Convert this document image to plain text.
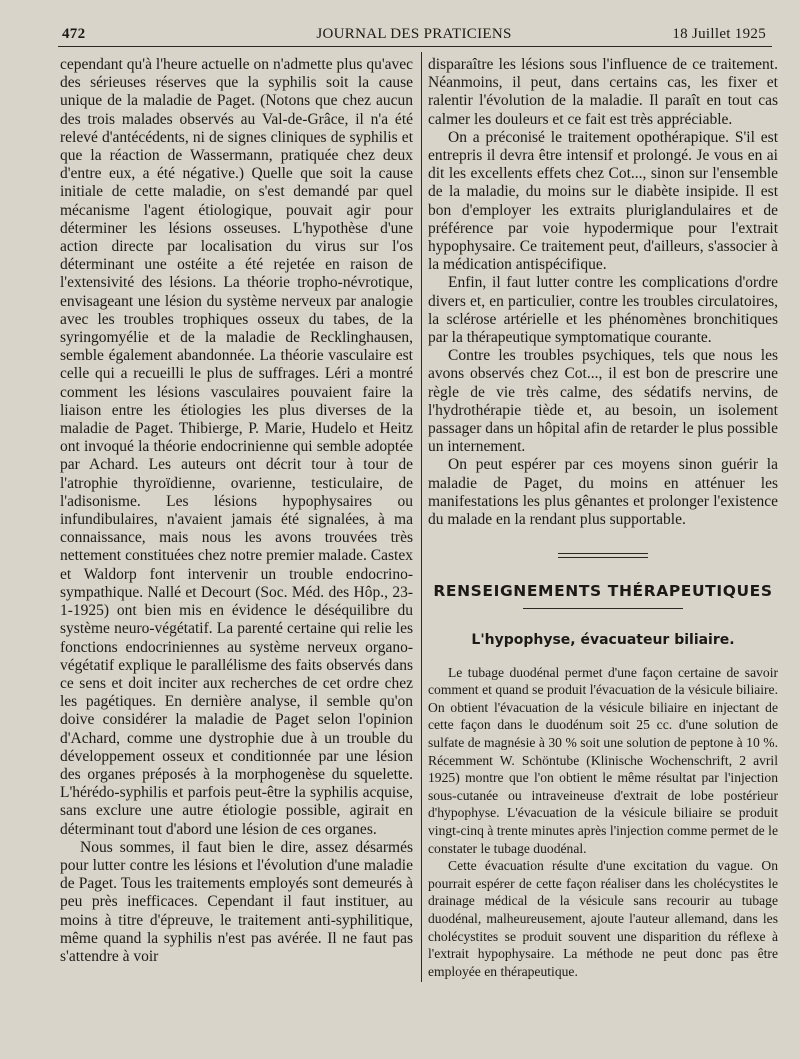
472	JOURNAL DES PRATICIENS	18 Juillet 1925

cependant qu'à l'heure actuelle on n'admette plus qu'avec des sérieuses réserves que la syphilis soit la cause unique de la maladie de Paget. (Notons que chez aucun des trois malades observés au Val-de-Grâce, il n'a été relevé d'antécédents, ni de signes cliniques de syphilis et que la réaction de Wassermann, pratiquée chez deux d'entre eux, a été négative.) Quelle que soit la cause initiale de cette maladie, on s'est demandé par quel mécanisme l'agent étiologique, pouvait agir pour déterminer les lésions osseuses. L'hypothèse d'une action directe par localisation du virus sur l'os déterminant une ostéite a été rejetée en raison de l'extensivité des lésions. La théorie tropho-névrotique, envisageant une lésion du système nerveux par analogie avec les troubles trophiques osseux du tabes, de la syringomyélie et de la maladie de Recklinghausen, semble également abandonnée. La théorie vasculaire est celle qui a recueilli le plus de suffrages. Léri a montré comment les lésions vasculaires pouvaient faire la liaison entre les étiologies les plus diverses de la maladie de Paget. Thibierge, P. Marie, Hudelo et Heitz ont invoqué la théorie endocrinienne qui semble adoptée par Achard. Les auteurs ont décrit tour à tour de l'atrophie thyroïdienne, ovarienne, testiculaire, de l'adisonisme. Les lésions hypophysaires ou infundibulaires, n'avaient jamais été signalées, à ma connaissance, mais nous les avons trouvées très nettement constituées chez notre premier malade. Castex et Waldorp font intervenir un trouble endocrino-sympathique. Nallé et Decourt (Soc. Méd. des Hôp., 23-1-1925) ont bien mis en évidence le déséquilibre du système neuro-végétatif. La parenté certaine qui relie les fonctions endocriniennes au système nerveux organo-végétatif explique le parallélisme des faits observés dans ce sens et doit inciter aux recherches de cet ordre chez les pagétiques. En dernière analyse, il semble qu'on doive considérer la maladie de Paget selon l'opinion d'Achard, comme une dystrophie due à un trouble du développement osseux et conditionnée par une lésion des organes préposés à la morphogenèse du squelette. L'hérédo-syphilis et parfois peut-être la syphilis acquise, sans exclure une autre étiologie possible, agirait en déterminant tout d'abord une lésion de ces organes.

Nous sommes, il faut bien le dire, assez désarmés pour lutter contre les lésions et l'évolution d'une maladie de Paget. Tous les traitements employés sont demeurés à peu près inefficaces. Cependant il faut instituer, au moins à titre d'épreuve, le traitement anti-syphilitique, même quand la syphilis n'est pas avérée. Il ne faut pas s'attendre à voir

disparaître les lésions sous l'influence de ce traitement. Néanmoins, il peut, dans certains cas, les fixer et ralentir l'évolution de la maladie. Il paraît en tout cas calmer les douleurs et ce fait est très appréciable.

On a préconisé le traitement opothérapique. S'il est entrepris il devra être intensif et prolongé. Je vous en ai dit les excellents effets chez Cot..., sinon sur l'ensemble de la maladie, du moins sur le diabète insipide. Il est bon d'employer les extraits pluriglandulaires et de préférence par voie hypodermique pour l'extrait hypophysaire. Ce traitement peut, d'ailleurs, s'associer à la médication antispécifique.

Enfin, il faut lutter contre les complications d'ordre divers et, en particulier, contre les troubles circulatoires, la sclérose artérielle et les phénomènes bronchitiques par la thérapeutique symptomatique courante.

Contre les troubles psychiques, tels que nous les avons observés chez Cot..., il est bon de prescrire une règle de vie très calme, des sédatifs nervins, de l'hydrothérapie tiède et, au besoin, un isolement passager dans un hôpital afin de retarder le plus possible un internement.

On peut espérer par ces moyens sinon guérir la maladie de Paget, du moins en atténuer les manifestations les plus gênantes et prolonger l'existence du malade en la rendant plus supportable.

RENSEIGNEMENTS THÉRAPEUTIQUES
L'hypophyse, évacuateur biliaire.

Le tubage duodénal permet d'une façon certaine de savoir comment et quand se produit l'évacuation de la vésicule biliaire. On obtient l'évacuation de la vésicule biliaire en injectant de cette façon dans le duodénum soit 25 cc. d'une solution de sulfate de magnésie à 30 % soit une solution de peptone à 10 %. Récemment W. Schöntube (Klinische Wochenschrift, 2 avril 1925) montre que l'on obtient le même résultat par l'injection sous-cutanée ou intraveineuse d'extrait de lobe postérieur d'hypophyse. L'évacuation de la vésicule biliaire se produit vingt-cinq à trente minutes après l'injection comme permet de le constater le tubage duodénal.

Cette évacuation résulte d'une excitation du vague. On pourrait espérer de cette façon réaliser dans les cholécystites le drainage médical de la vésicule sans recourir au tubage duodénal, malheureusement, ajoute l'auteur allemand, dans les cholécystites se produit souvent une disparition du réflexe à l'extrait hypophysaire. La méthode ne peut donc pas être employée en thérapeutique.
